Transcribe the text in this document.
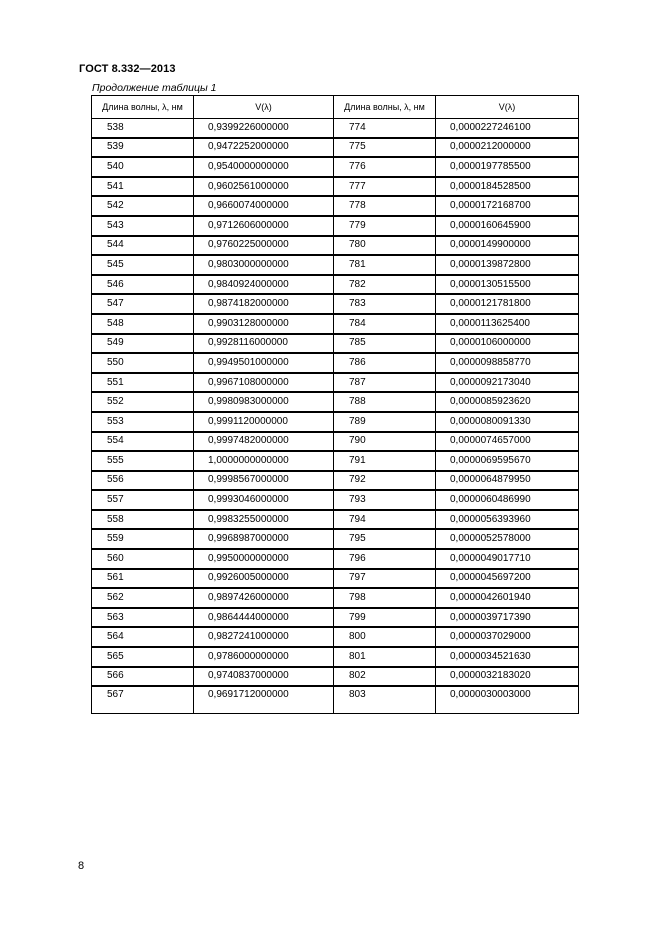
ГОСТ 8.332—2013
Продолжение таблицы 1
Длина волны, λ, нм	V(λ)	Длина волны, λ, нм	V(λ)
538	0,9399226000000	774	0,0000227246100
539	0,9472252000000	775	0,0000212000000
540	0,9540000000000	776	0,0000197785500
541	0,9602561000000	777	0,0000184528500
542	0,9660074000000	778	0,0000172168700
543	0,9712606000000	779	0,0000160645900
544	0,9760225000000	780	0,0000149900000
545	0,9803000000000	781	0,0000139872800
546	0,9840924000000	782	0,0000130515500
547	0,9874182000000	783	0,0000121781800
548	0,9903128000000	784	0,0000113625400
549	0,9928116000000	785	0,0000106000000
550	0,9949501000000	786	0,0000098858770
551	0,9967108000000	787	0,0000092173040
552	0,9980983000000	788	0,0000085923620
553	0,9991120000000	789	0,0000080091330
554	0,9997482000000	790	0,0000074657000
555	1,0000000000000	791	0,0000069595670
556	0,9998567000000	792	0,0000064879950
557	0,9993046000000	793	0,0000060486990
558	0,9983255000000	794	0,0000056393960
559	0,9968987000000	795	0,0000052578000
560	0,9950000000000	796	0,0000049017710
561	0,9926005000000	797	0,0000045697200
562	0,9897426000000	798	0,0000042601940
563	0,9864444000000	799	0,0000039717390
564	0,9827241000000	800	0,0000037029000
565	0,9786000000000	801	0,0000034521630
566	0,9740837000000	802	0,0000032183020
567	0,9691712000000	803	0,0000030003000
8
